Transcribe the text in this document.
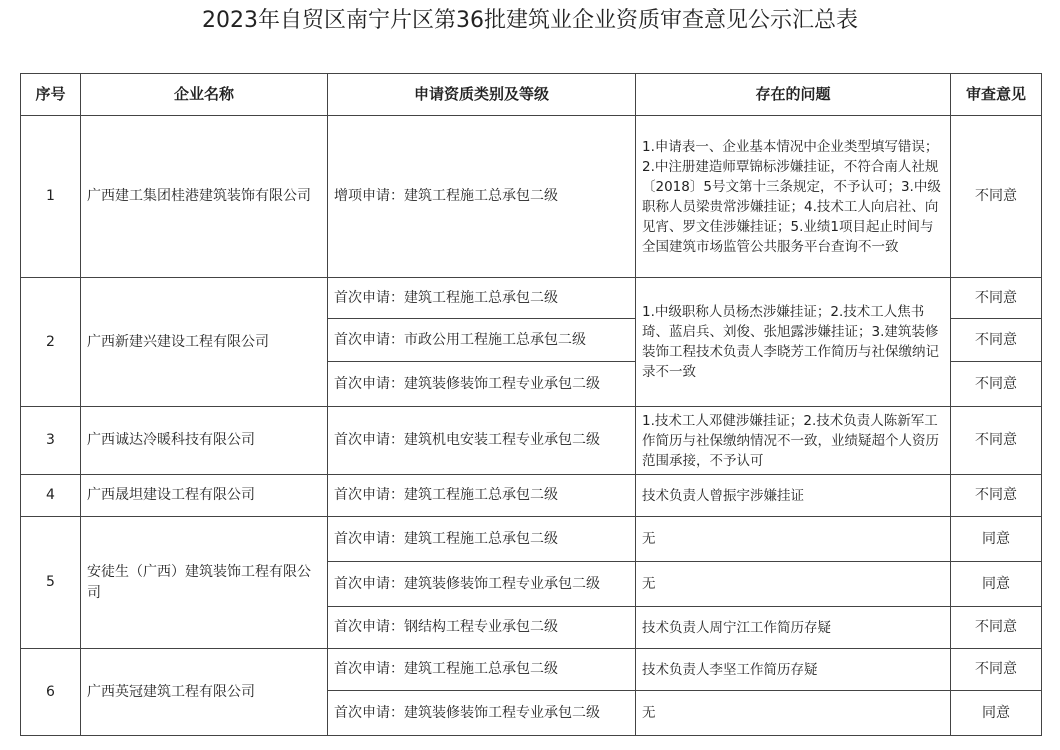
2023年自贸区南宁片区第36批建筑业企业资质审查意见公示汇总表
序号	企业名称	申请资质类别及等级	存在的问题	审查意见
1	广西建工集团桂港建筑装饰有限公司	增项申请：建筑工程施工总承包二级	1.申请表一、企业基本情况中企业类型填写错误；2.中注册建造师覃锦标涉嫌挂证，不符合南人社规〔2018〕5号文第十三条规定，不予认可；3.中级职称人员梁贵常涉嫌挂证；4.技术工人向启社、向见宵、罗文佳涉嫌挂证；5.业绩1项目起止时间与全国建筑市场监管公共服务平台查询不一致	不同意
2	广西新建兴建设工程有限公司	首次申请：建筑工程施工总承包二级	1.中级职称人员杨杰涉嫌挂证；2.技术工人焦书琦、蓝启兵、刘俊、张旭露涉嫌挂证；3.建筑装修装饰工程技术负责人李晓芳工作简历与社保缴纳记录不一致	不同意
		首次申请：市政公用工程施工总承包二级		不同意
		首次申请：建筑装修装饰工程专业承包二级		不同意
3	广西诚达冷暖科技有限公司	首次申请：建筑机电安装工程专业承包二级	1.技术工人邓健涉嫌挂证；2.技术负责人陈新军工作简历与社保缴纳情况不一致，业绩疑超个人资历范围承接，不予认可	不同意
4	广西晟坦建设工程有限公司	首次申请：建筑工程施工总承包二级	技术负责人曾振宇涉嫌挂证	不同意
5	安徒生（广西）建筑装饰工程有限公司	首次申请：建筑工程施工总承包二级	无	同意
		首次申请：建筑装修装饰工程专业承包二级	无	同意
		首次申请：钢结构工程专业承包二级	技术负责人周宁江工作简历存疑	不同意
6	广西英冠建筑工程有限公司	首次申请：建筑工程施工总承包二级	技术负责人李坚工作简历存疑	不同意
		首次申请：建筑装修装饰工程专业承包二级	无	同意
